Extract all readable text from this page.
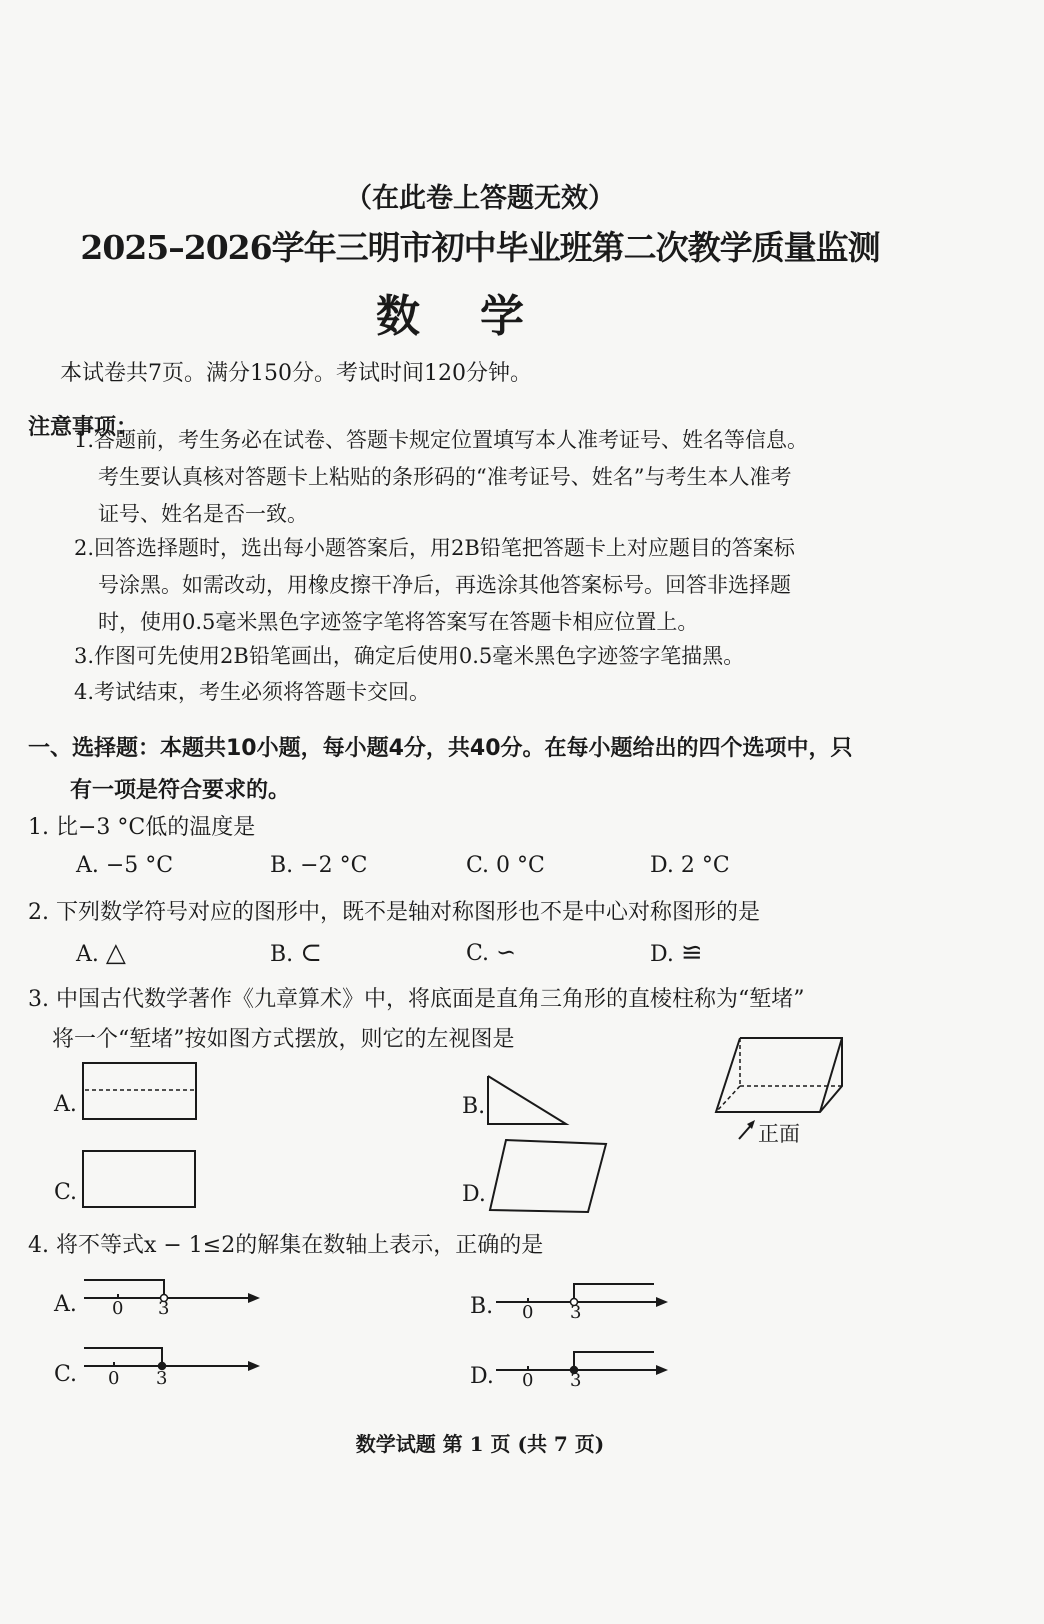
（在此卷上答题无效）
2025–2026学年三明市初中毕业班第二次教学质量监测
数学
本试卷共7页。满分150分。考试时间120分钟。
注意事项：
1.答题前，考生务必在试卷、答题卡规定位置填写本人准考证号、姓名等信息。
考生要认真核对答题卡上粘贴的条形码的“准考证号、姓名”与考生本人准考
证号、姓名是否一致。
2.回答选择题时，选出每小题答案后，用2B铅笔把答题卡上对应题目的答案标
号涂黑。如需改动，用橡皮擦干净后，再选涂其他答案标号。回答非选择题
时，使用0.5毫米黑色字迹签字笔将答案写在答题卡相应位置上。
3.作图可先使用2B铅笔画出，确定后使用0.5毫米黑色字迹签字笔描黑。
4.考试结束，考生必须将答题卡交回。
一、选择题：本题共10小题，每小题4分，共40分。在每小题给出的四个选项中，只
有一项是符合要求的。
1. 比−3 °C低的温度是
A. −5 °C	B. −2 °C	C. 0 °C	D. 2 °C
2. 下列数学符号对应的图形中，既不是轴对称图形也不是中心对称图形的是
A. △	B. ⊂	C. ∽	D. ≌
3. 中国古代数学著作《九章算术》中，将底面是直角三角形的直棱柱称为“堑堵”
将一个“堑堵”按如图方式摆放，则它的左视图是
A.	B.
C.	D.
正面
4. 将不等式x − 1≤2的解集在数轴上表示，正确的是
A. 0 3	B. 0 3
C. 0 3	D. 0 3
数学试题 第 1 页 (共 7 页)
